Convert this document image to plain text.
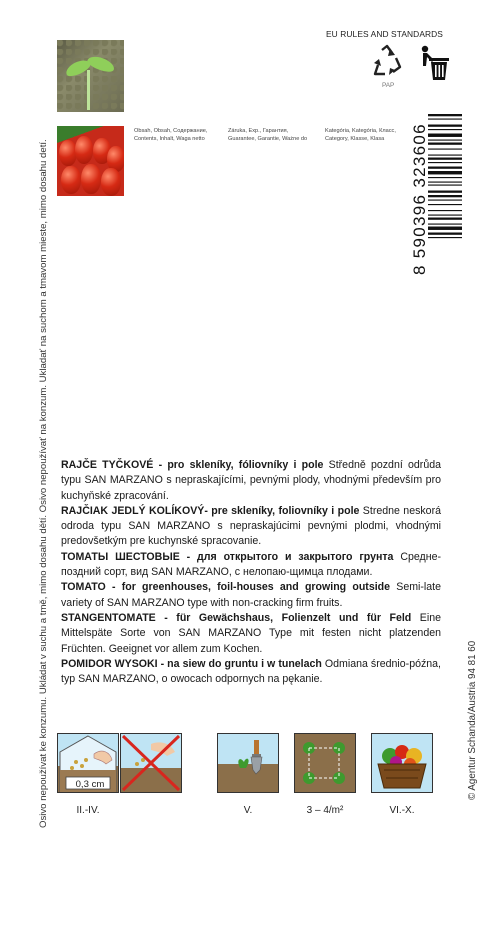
Osivo nepoužívat ke konzumu. Ukládat v suchu a tmě, mimo dosahu dětí. Osivo nepoužívať na konzum. Ukladať na suchom a tmavom mieste, mimo dosahu detí.	© Agentur Schanda/Austria 94 81 60
Obsah, Obsah, Содержание,
Contents, Inhalt, Waga netto
Záruka, Exp., Гарантия,
Guarantee, Garantie, Ważne do
Kategória, Kategória, Класс,
Category, Klasse, Klasa
EU RULES AND STANDARDS
PAP
8 590396 323606

RAJČE TYČKOVÉ - pro skleníky, fóliovníky i pole Středně pozdní odrůda typu SAN MARZANO s nepraskajícími, pevnými plody, vhodnými především pro kuchyňské zpracování.

RAJČIAK JEDLÝ KOLÍKOVÝ- pre skleníky, foliovníky i pole Stredne neskorá odroda typu SAN MARZANO s nepraskajúcimi pevnými plodmi, vhodnými predovšetkým pre kuchynské spracovanie.

ТОМАТЫ ШЕСТОВЫЕ - для открытого и закрытого грунта Средне-поздний сорт, вид SAN MARZANO, с нелопаю-щимца плодами.

TOMATO - for greenhouses, foil-houses and growing outside Semi-late variety of SAN MARZANO type with non-cracking firm fruits.

STANGENTOMATE - für Gewächshaus, Folienzelt und für Feld Eine Mittelspäte Sorte von SAN MARZANO Type mit festen nicht platzenden Früchten. Geeignet vor allem zum Kochen.

POMIDOR WYSOKI - na siew do gruntu i w tunelach Odmiana średnio-późna, typ SAN MARZANO, o owocach odpornych na pękanie.

0,3 cm
II.-IV.	V.	3 – 4/m²	VI.-X.
